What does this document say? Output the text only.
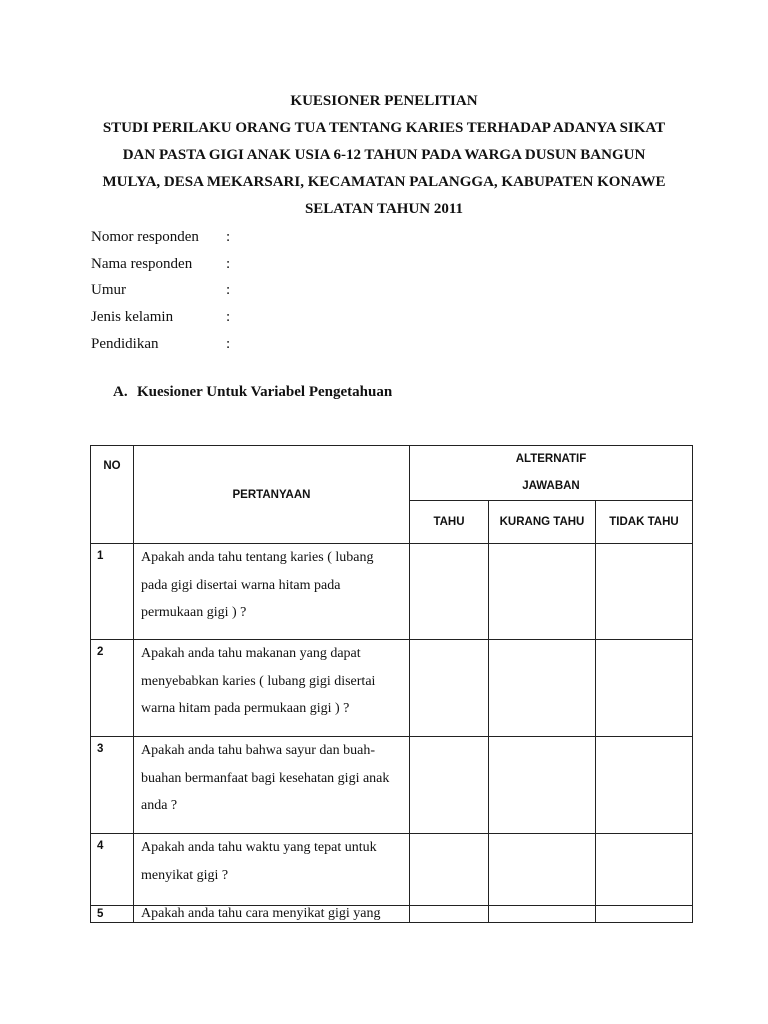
KUESIONER PENELITIAN
STUDI PERILAKU ORANG TUA TENTANG KARIES TERHADAP ADANYA SIKAT
DAN PASTA GIGI ANAK USIA 6-12 TAHUN PADA WARGA DUSUN BANGUN
MULYA, DESA MEKARSARI, KECAMATAN PALANGGA, KABUPATEN KONAWE
SELATAN TAHUN 2011
Nomor responden :
Nama responden :
Umur	:
Jenis kelamin	:
Pendidikan	:
A. Kuesioner Untuk Variabel Pengetahuan
NO	PERTANYAAN	ALTERNATIF
JAWABAN		

		TAHU	KURANG TAHU	TIDAK TAHU
1	Apakah anda tahu tentang karies ( lubang pada gigi disertai warna hitam pada permukaan gigi ) ?			
2	Apakah anda tahu makanan yang dapat menyebabkan karies ( lubang gigi disertai warna hitam pada permukaan gigi ) ?			
3	Apakah anda tahu bahwa sayur dan buah-buahan bermanfaat bagi kesehatan gigi anak anda ?			
4	Apakah anda tahu waktu yang tepat untuk menyikat gigi ?			
5	Apakah anda tahu cara menyikat gigi yang			
